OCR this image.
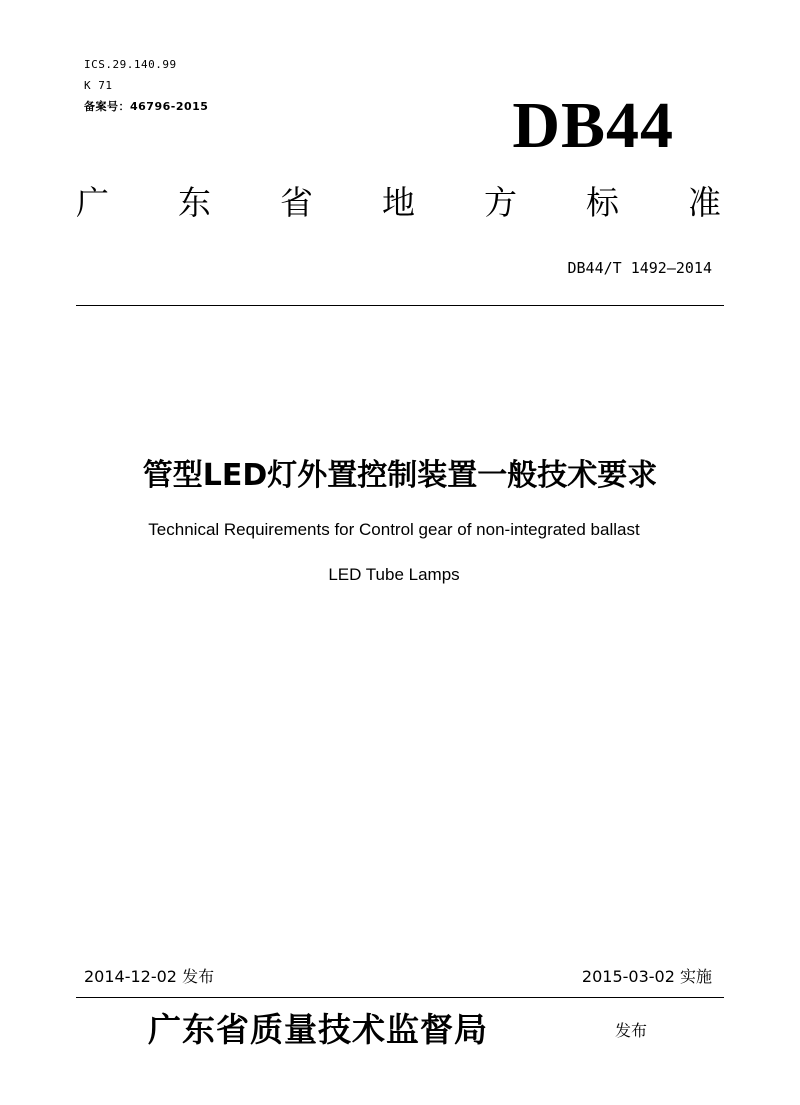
ICS.29.140.99
K 71
备案号：46796-2015	DB44
广 东 省 地 方 标 准
DB44/T 1492—2014
管型LED灯外置控制装置一般技术要求
Technical Requirements for Control gear of non-integrated ballast
LED Tube Lamps
2014-12-02 发布	2015-03-02 实施
广东省质量技术监督局	发布
